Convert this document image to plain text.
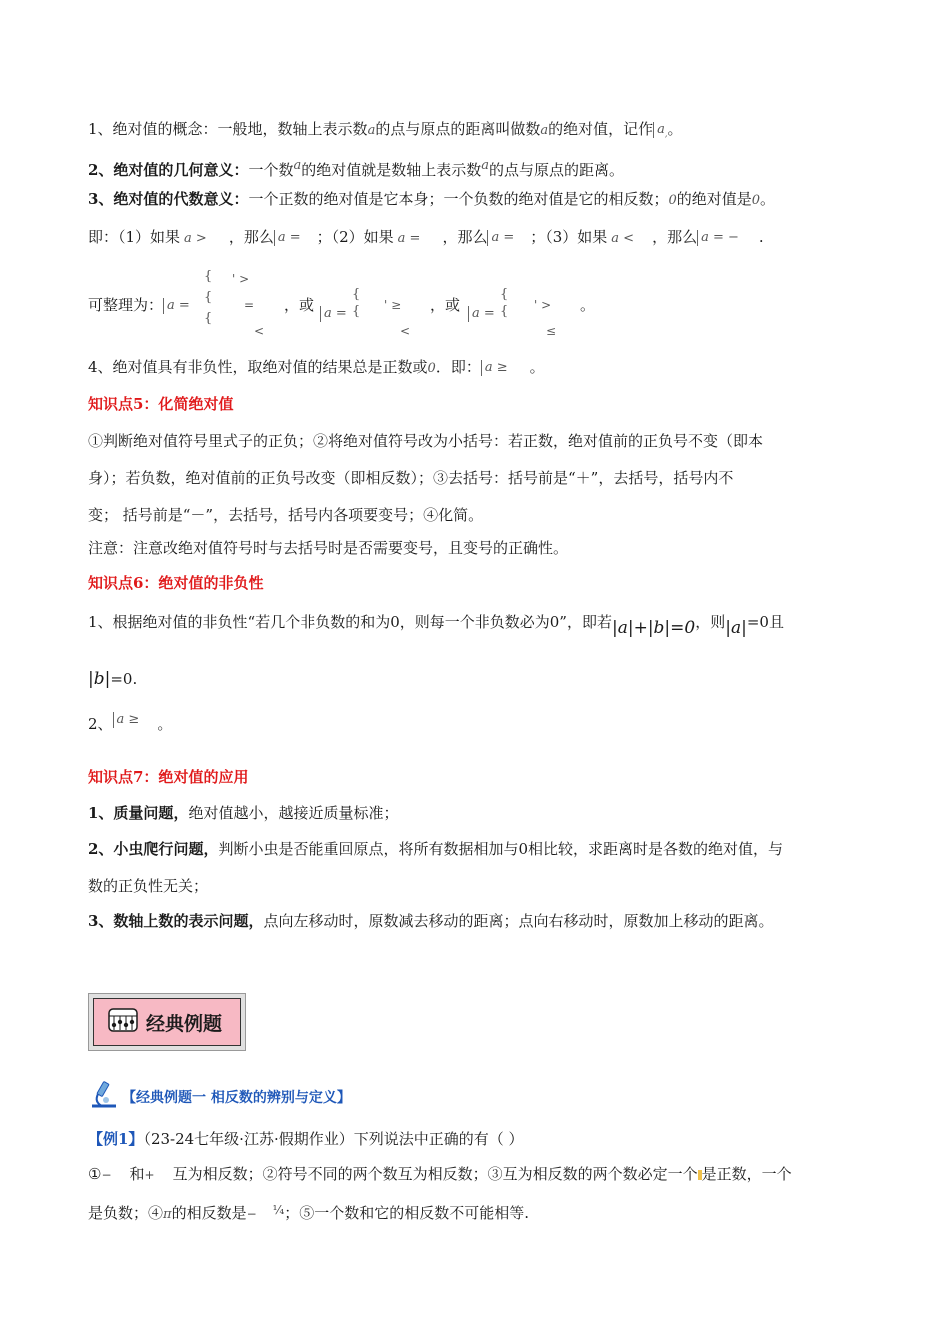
1、绝对值的概念：一般地，数轴上表示数a的点与原点的距离叫做数a的绝对值，记作 $a_,$。
2、绝对值的几何意义：一个数a的绝对值就是数轴上表示数a的点与原点的距离。
3、绝对值的代数意义：一个正数的绝对值是它本身；一个负数的绝对值是它的相反数；0的绝对值是0。
即：（1）如果 a > ，那么 a = ；（2）如果 a = ，那么 a = ；（3）如果 a < ，那么 a = − .
可整理为： a =
{
{
{
' >
=
<
，或 a =
{
{ ' ≥
<
，或 a =
{
{ ' >
≤
。
4、绝对值具有非负性，取绝对值的结果总是正数或0．即： a ≥ 。
知识点5：化简绝对值
①判断绝对值符号里式子的正负；②将绝对值符号改为小括号：若正数，绝对值前的正负号不变（即本
身）；若负数，绝对值前的正负号改变（即相反数）；③去括号：括号前是“＋”，去括号，括号内不
变； 括号前是“－”，去括号，括号内各项要变号；④化简。
注意：注意改绝对值符号时与去括号时是否需要变号，且变号的正确性。
知识点6：绝对值的非负性
1、根据绝对值的非负性“若几个非负数的和为0，则每一个非负数必为0”，即若|a|+|b|=0，则|a|=0且
|b|=0.
2、 a ≥ 。
知识点7：绝对值的应用
1、质量问题，绝对值越小，越接近质量标准；
2、小虫爬行问题，判断小虫是否能重回原点，将所有数据相加与0相比较，求距离时是各数的绝对值，与
数的正负性无关；
3、数轴上数的表示问题，点向左移动时，原数减去移动的距离；点向右移动时，原数加上移动的距离。
经典例题
【经典例题一 相反数的辨别与定义】
【例1】（23-24七年级·江苏·假期作业）下列说法中正确的有（ ）
①− 和+ 互为相反数；②符号不同的两个数互为相反数；③互为相反数的两个数必定一个 是正数，一个
是负数；④π的相反数是− $^{\frac{1}{4}}$；⑤一个数和它的相反数不可能相等.
